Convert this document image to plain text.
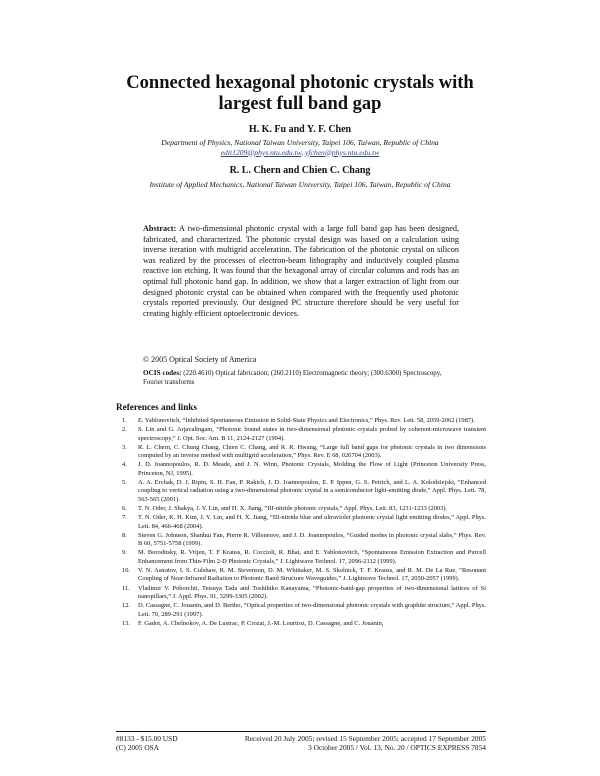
Connected hexagonal photonic crystals with
largest full band gap
H. K. Fu and Y. F. Chen
Department of Physics, National Taiwan University, Taipei 106, Taiwan, Republic of China
edit1209@phys.ntu.edu.tw, yfchen@phys.ntu.edu.tw
R. L. Chern and Chien C. Chang
Institute of Applied Mechanics, National Taiwan University, Taipei 106, Taiwan, Republic of China
Abstract: A two-dimensional photonic crystal with a large full band gap has been designed, fabricated, and characterized. The photonic crystal design was based on a calculation using inverse iteration with multigrid acceleration. The fabrication of the photonic crystal on silicon was realized by the processes of electron-beam lithography and inductively coupled plasma reactive ion etching. It was found that the hexagonal array of circular columns and rods has an optimal full photonic band gap. In addition, we show that a larger extraction of light from our designed photonic crystal can be obtained when compared with the frequently used photonic crystals reported previously. Our designed PC structure therefore should be very useful for creating highly efficient optoelectronic devices.
© 2005 Optical Society of America
OCIS codes: (220.4610) Optical fabrication; (260.2110) Electromagnetic theory; (300.6300) Spectroscopy, Fourier transforms
References and links
1. E. Yablonovitch, “Inhibited Spontaneous Emission in Solid-State Physics and Electronics,” Phys. Rev. Lett. 58, 2059-2062 (1987).
2. S. Lin and G. Arjavalingam, “Photonic bound states in two-dimensional photonic crystals probed by coherent-microwave transient spectroscopy,” J. Opt. Soc. Am. B 11, 2124-2127 (1994).
3. R. L. Chern, C. Chung Chang, Chien C. Chang, and R. R. Hwang, “Large full band gaps for photonic crystals in two dimensions computed by an inverse method with multigrid acceleration,” Phys. Rev. E 68, 026704 (2003).
4. J. D. Joannopoulos, R. D. Meade, and J. N. Winn, Photonic Crystals, Molding the Flow of Light (Princeton University Press, Princeton, NJ, 1995).
5. A. A. Erchak, D. J. Ripin, S. H. Fan, P. Rakich, J. D. Joannopoulos, E. P. Ippen, G. S. Petrich, and L. A. Kolodziejski, “Enhanced coupling to vertical radiation using a two-dimensional photonic crystal in a semiconductor light-emitting diode,” Appl. Phys. Lett. 78, 563-565 (2001).
6. T. N. Oder, J. Shakya, J. Y. Lin, and H. X. Jiang, “III-nitride photonic crystals,” Appl. Phys. Lett. 83, 1231-1233 (2003).
7. T. N. Oder, K. H. Kim, J. Y. Lin, and H. X. Jiang, “III-nitride blue and ultraviolet photonic crystal light emitting diodes,” Appl. Phys. Lett. 84, 466-468 (2004).
8. Steven G. Johnson, Shanhui Fan, Pierre R. Villeneuve, and J. D. Joannopoulos, “Guided modes in photonic crystal slabs,” Phys. Rev. B 60, 5751-5758 (1999).
9. M. Boroditsky, R. Vrijen, T. F Krauss, R. Coccioli, R. Bhat, and E. Yablonovitch, “Spontaneous Emission Extraction and Purcell Enhancement from Thin-Film 2-D Photonic Crystals,” J. Lightwave Technol. 17, 2096-2112 (1999).
10. V. N. Astratov, I. S. Culshaw, R. M. Stevenson, D. M. Whittaker, M. S. Skolnick, T. F. Krauss, and R. M. De La Rue, “Resonant Coupling of Near-Infrared Radiation to Photonic Band Structure Waveguides,” J. Lightwave Technol. 17, 2050-2057 (1999).
11. Vladimir V. Poborchii, Tetsuya Tada and Toshihiko Kanayama, “Photonic-band-gap properties of two-dimensional lattices of Si nanopillars,” J. Appl. Phys. 91, 3299-3305 (2002).
12. D. Cassagne, C. Jouanin, and D. Bertho, “Optical properties of two-dimensional photonic crystals with graphite structure,” Appl. Phys. Lett. 70, 289-291 (1997).
13. F. Gadot, A. Chelnokov, A. De Lustrac, P. Crozat, J.-M. Lourtioz, D. Cassagne, and C. Jouanin,
#8133 - $15.00 USD	Received 20 July 2005; revised 15 September 2005; accepted 17 September 2005
(C) 2005 OSA	3 October 2005 / Vol. 13, No. 20 / OPTICS EXPRESS 7854
